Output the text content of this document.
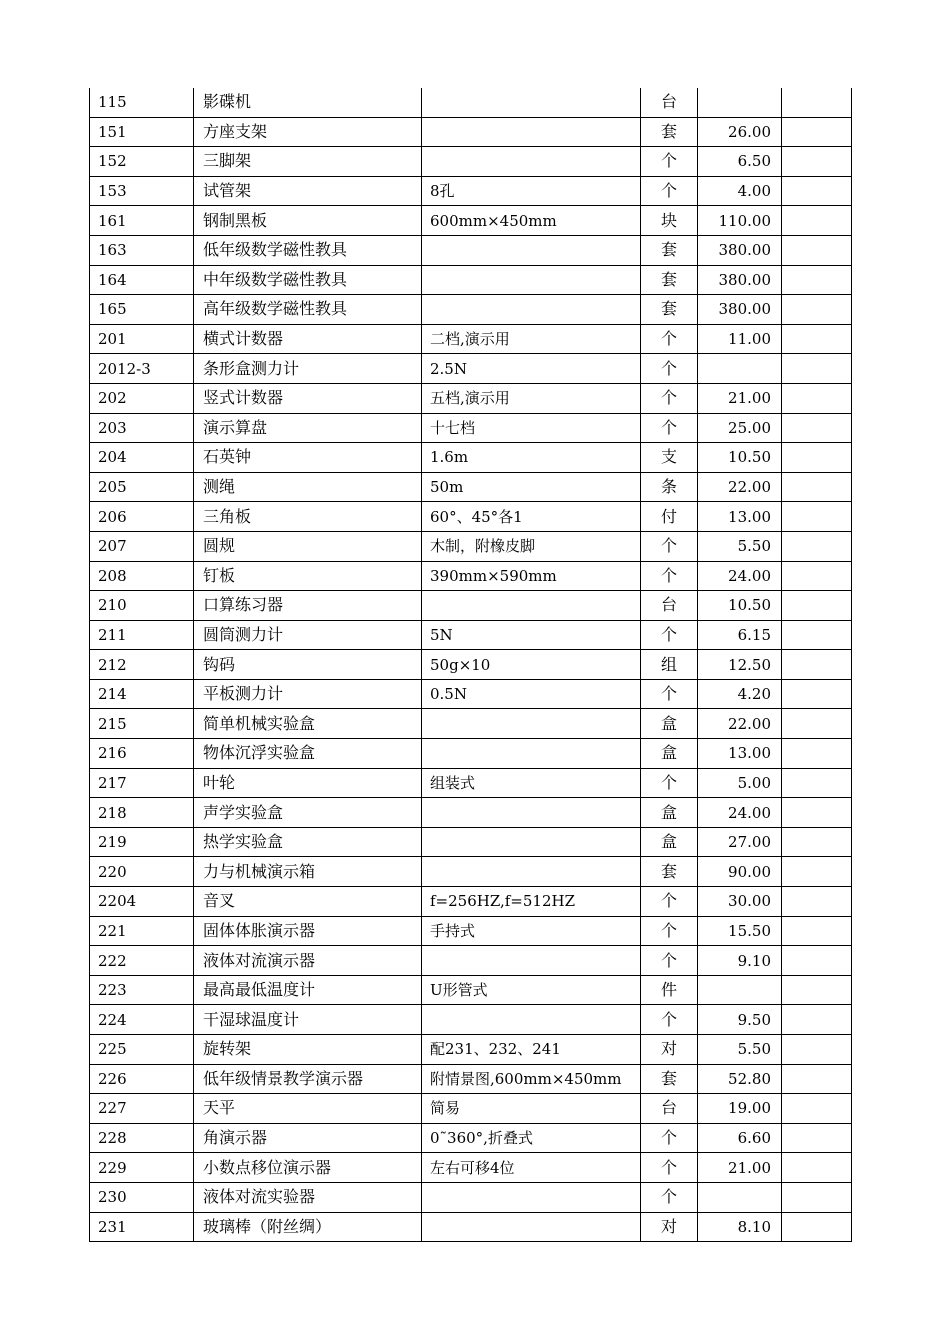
115	影碟机		台		
151	方座支架		套	26.00	
152	三脚架		个	6.50	
153	试管架	8孔	个	4.00	
161	钢制黑板	600mm×450mm	块	110.00	
163	低年级数学磁性教具		套	380.00	
164	中年级数学磁性教具		套	380.00	
165	高年级数学磁性教具		套	380.00	
201	横式计数器	二档,演示用	个	11.00	
2012-3	条形盒测力计	2.5N	个		
202	竖式计数器	五档,演示用	个	21.00	
203	演示算盘	十七档	个	25.00	
204	石英钟	1.6m	支	10.50	
205	测绳	50m	条	22.00	
206	三角板	60°、45°各1	付	13.00	
207	圆规	木制，附橡皮脚	个	5.50	
208	钉板	390mm×590mm	个	24.00	
210	口算练习器		台	10.50	
211	圆筒测力计	5N	个	6.15	
212	钩码	50g×10	组	12.50	
214	平板测力计	0.5N	个	4.20	
215	简单机械实验盒		盒	22.00	
216	物体沉浮实验盒		盒	13.00	
217	叶轮	组装式	个	5.00	
218	声学实验盒		盒	24.00	
219	热学实验盒		盒	27.00	
220	力与机械演示箱		套	90.00	
2204	音叉	f=256HZ,f=512HZ	个	30.00	
221	固体体胀演示器	手持式	个	15.50	
222	液体对流演示器		个	9.10	
223	最高最低温度计	U形管式	件		
224	干湿球温度计		个	9.50	
225	旋转架	配231、232、241	对	5.50	
226	低年级情景教学演示器	附情景图,600mm×450mm	套	52.80	
227	天平	简易	台	19.00	
228	角演示器	0˜360°,折叠式	个	6.60	
229	小数点移位演示器	左右可移4位	个	21.00	
230	液体对流实验器		个		
231	玻璃棒（附丝绸）		对	8.10	
